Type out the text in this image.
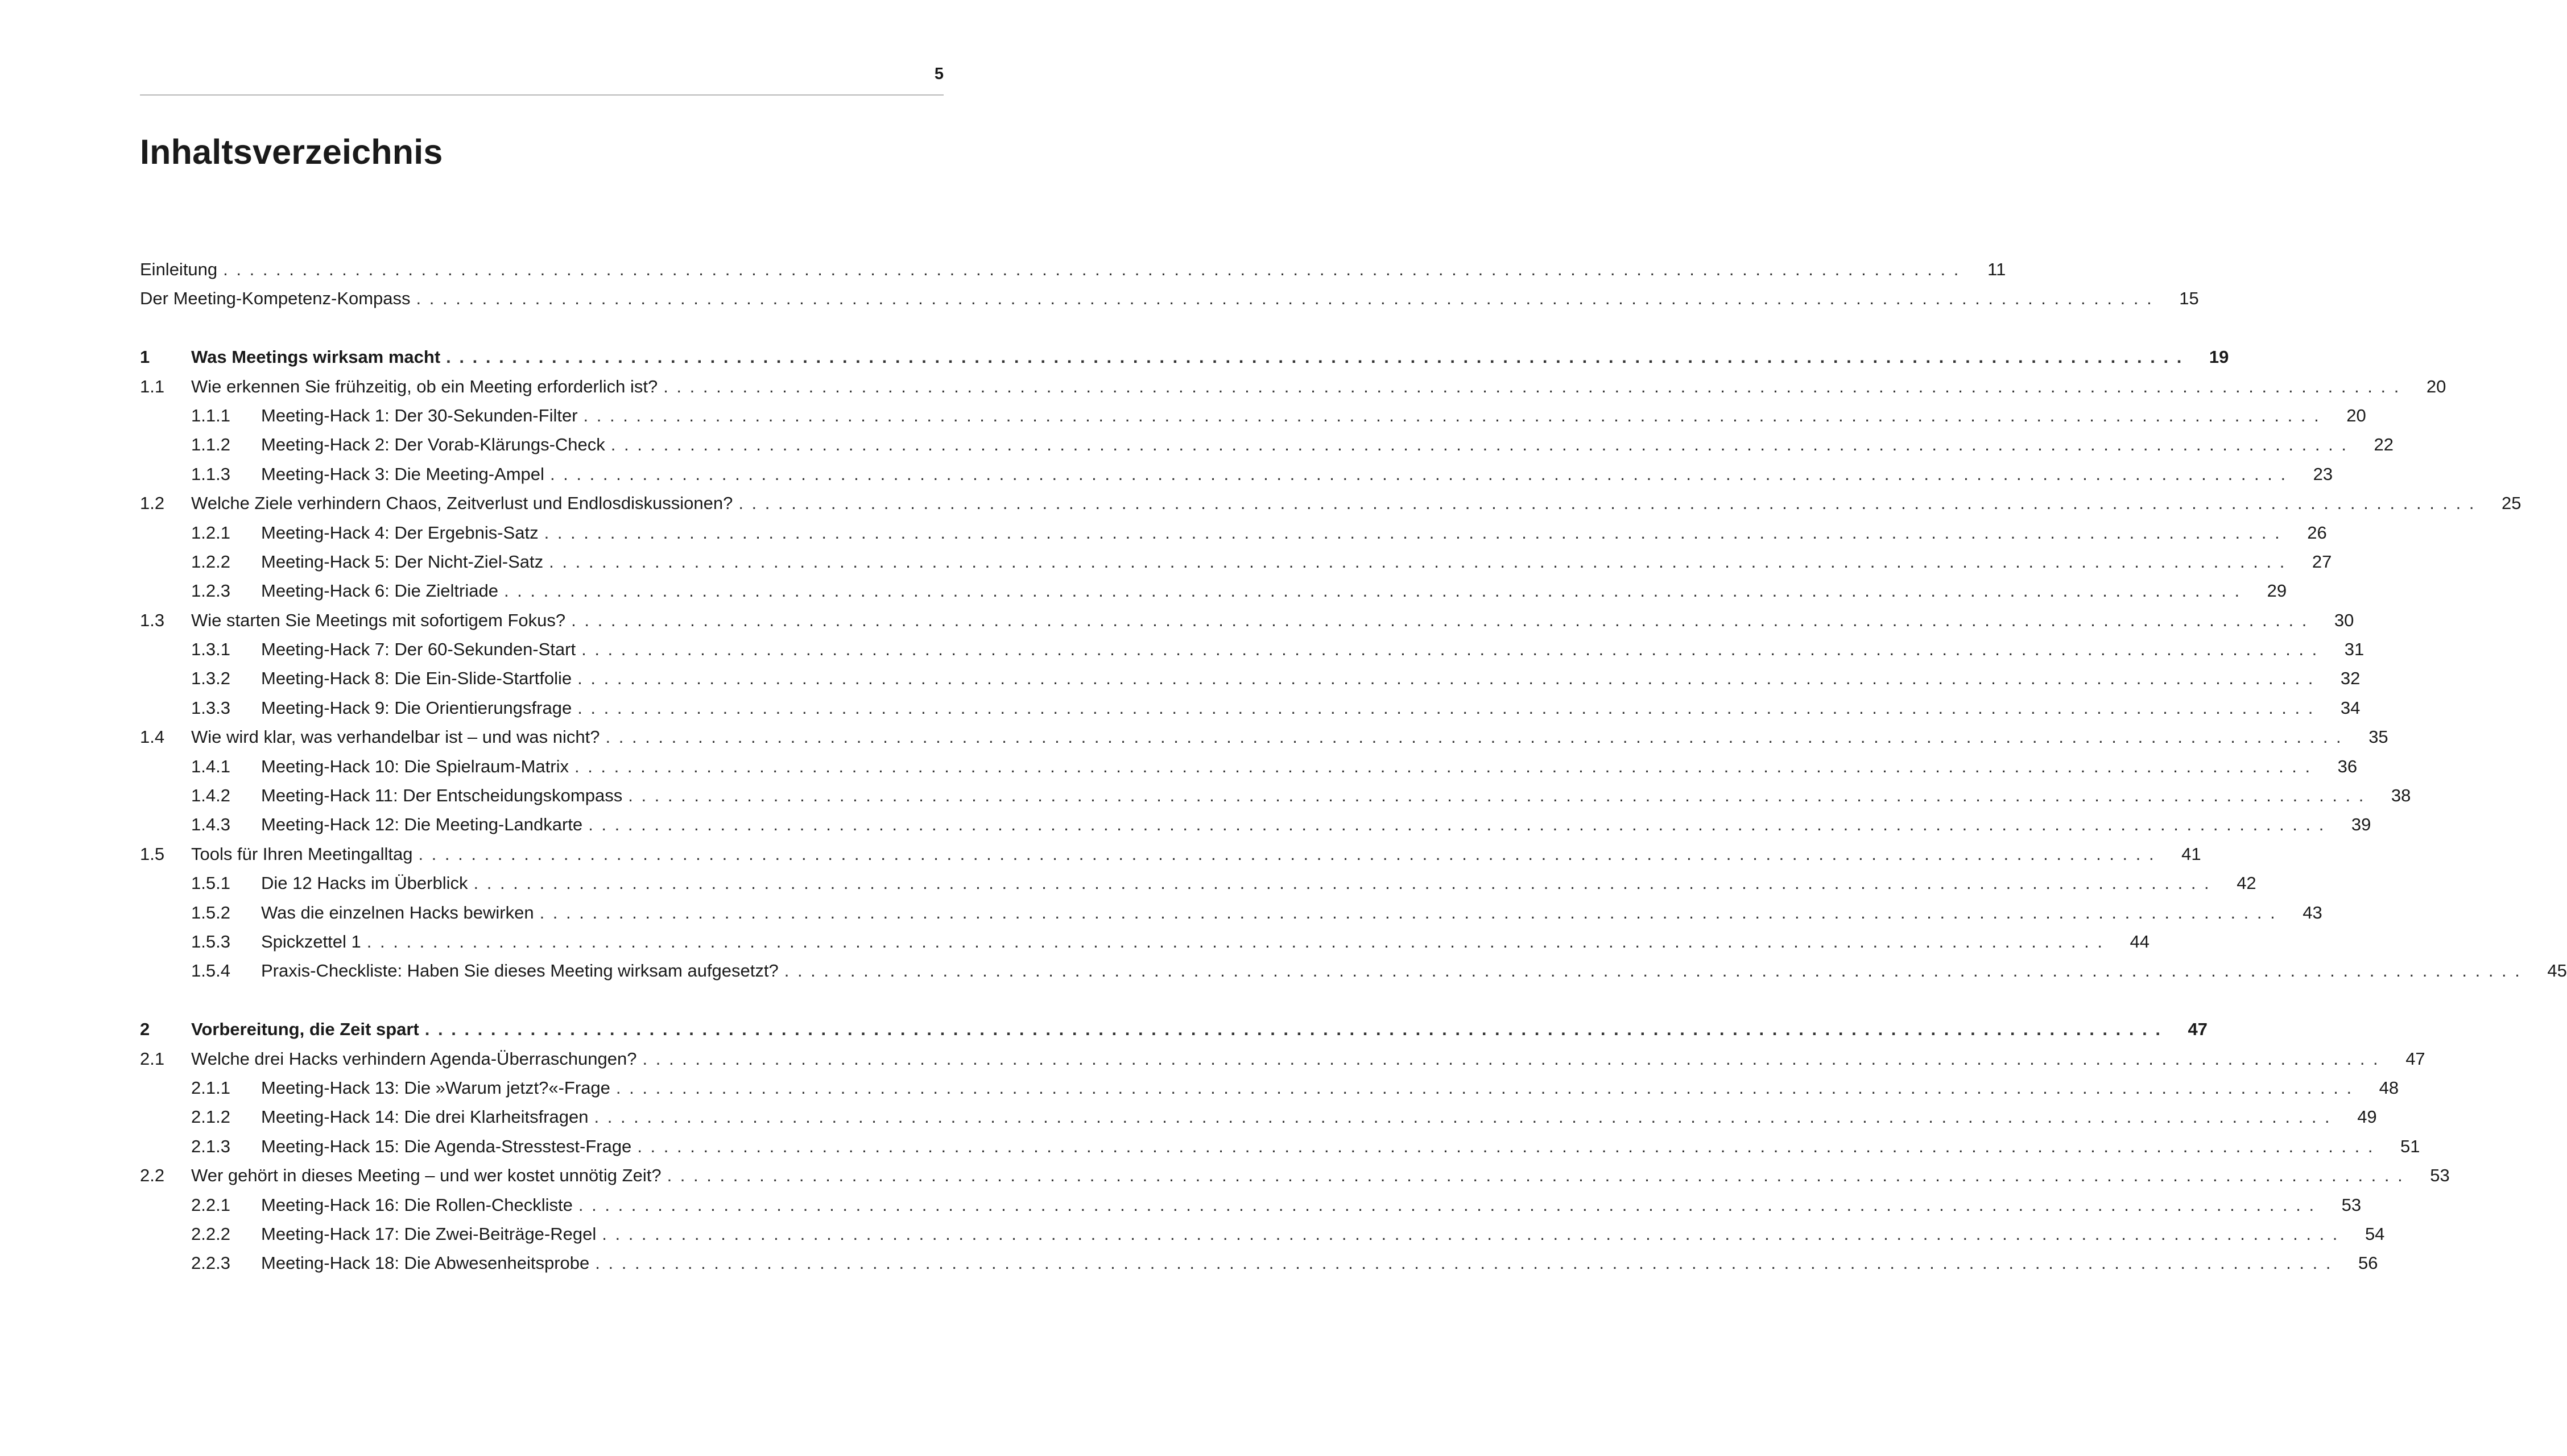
5
Inhaltsverzeichnis
Einleitung . . . . . . . . . . . . . . . . . . . . . . . . . . . . . . . . . . . . . . . . . . . . . . . . . . . . . . . . . . . . . . . . . . . . . . . . . . . . . . . . . . . . . . . . . . . . . . . . . . . . . . . . . . . . . . . . . . . . . . . . . . . . . . . . . . . .	11
Der Meeting-Kompetenz-Kompass . . . . . . . . . . . . . . . . . . . . . . . . . . . . . . . . . . . . . . . . . . . . . . . . . . . . . . . . . . . . . . . . . . . . . . . . . . . . . . . . . . . . . . . . . . . . . . . . . . . . . . . . . . . . . . . . . . . . . . . . . . . . . . . . . . . .	15
1	Was Meetings wirksam macht . . . . . . . . . . . . . . . . . . . . . . . . . . . . . . . . . . . . . . . . . . . . . . . . . . . . . . . . . . . . . . . . . . . . . . . . . . . . . . . . . . . . . . . . . . . . . . . . . . . . . . . . . . . . . . . . . . . . . . . . . . . . . . . . . . . .	19
1.1	Wie erkennen Sie frühzeitig, ob ein Meeting erforderlich ist? . . . . . . . . . . . . . . . . . . . . . . . . . . . . . . . . . . . . . . . . . . . . . . . . . . . . . . . . . . . . . . . . . . . . . . . . . . . . . . . . . . . . . . . . . . . . . . . . . . . . . . . . . . . . . . . . . . . . . . . . . . . . . . . . . . . .	20
1.1.1	Meeting-Hack 1: Der 30-Sekunden-Filter . . . . . . . . . . . . . . . . . . . . . . . . . . . . . . . . . . . . . . . . . . . . . . . . . . . . . . . . . . . . . . . . . . . . . . . . . . . . . . . . . . . . . . . . . . . . . . . . . . . . . . . . . . . . . . . . . . . . . . . . . . . . . . . . . . . .	20
1.1.2	Meeting-Hack 2: Der Vorab-Klärungs-Check . . . . . . . . . . . . . . . . . . . . . . . . . . . . . . . . . . . . . . . . . . . . . . . . . . . . . . . . . . . . . . . . . . . . . . . . . . . . . . . . . . . . . . . . . . . . . . . . . . . . . . . . . . . . . . . . . . . . . . . . . . . . . . . . . . . .	22
1.1.3	Meeting-Hack 3: Die Meeting-Ampel . . . . . . . . . . . . . . . . . . . . . . . . . . . . . . . . . . . . . . . . . . . . . . . . . . . . . . . . . . . . . . . . . . . . . . . . . . . . . . . . . . . . . . . . . . . . . . . . . . . . . . . . . . . . . . . . . . . . . . . . . . . . . . . . . . . .	23
1.2	Welche Ziele verhindern Chaos, Zeitverlust und Endlosdiskussionen? . . . . . . . . . . . . . . . . . . . . . . . . . . . . . . . . . . . . . . . . . . . . . . . . . . . . . . . . . . . . . . . . . . . . . . . . . . . . . . . . . . . . . . . . . . . . . . . . . . . . . . . . . . . . . . . . . . . . . . . . . . . . . . . . . . . .	25
1.2.1	Meeting-Hack 4: Der Ergebnis-Satz . . . . . . . . . . . . . . . . . . . . . . . . . . . . . . . . . . . . . . . . . . . . . . . . . . . . . . . . . . . . . . . . . . . . . . . . . . . . . . . . . . . . . . . . . . . . . . . . . . . . . . . . . . . . . . . . . . . . . . . . . . . . . . . . . . . .	26
1.2.2	Meeting-Hack 5: Der Nicht-Ziel-Satz . . . . . . . . . . . . . . . . . . . . . . . . . . . . . . . . . . . . . . . . . . . . . . . . . . . . . . . . . . . . . . . . . . . . . . . . . . . . . . . . . . . . . . . . . . . . . . . . . . . . . . . . . . . . . . . . . . . . . . . . . . . . . . . . . . . .	27
1.2.3	Meeting-Hack 6: Die Zieltriade . . . . . . . . . . . . . . . . . . . . . . . . . . . . . . . . . . . . . . . . . . . . . . . . . . . . . . . . . . . . . . . . . . . . . . . . . . . . . . . . . . . . . . . . . . . . . . . . . . . . . . . . . . . . . . . . . . . . . . . . . . . . . . . . . . . .	29
1.3	Wie starten Sie Meetings mit sofortigem Fokus? . . . . . . . . . . . . . . . . . . . . . . . . . . . . . . . . . . . . . . . . . . . . . . . . . . . . . . . . . . . . . . . . . . . . . . . . . . . . . . . . . . . . . . . . . . . . . . . . . . . . . . . . . . . . . . . . . . . . . . . . . . . . . . . . . . . .	30
1.3.1	Meeting-Hack 7: Der 60-Sekunden-Start . . . . . . . . . . . . . . . . . . . . . . . . . . . . . . . . . . . . . . . . . . . . . . . . . . . . . . . . . . . . . . . . . . . . . . . . . . . . . . . . . . . . . . . . . . . . . . . . . . . . . . . . . . . . . . . . . . . . . . . . . . . . . . . . . . . .	31
1.3.2	Meeting-Hack 8: Die Ein-Slide-Startfolie . . . . . . . . . . . . . . . . . . . . . . . . . . . . . . . . . . . . . . . . . . . . . . . . . . . . . . . . . . . . . . . . . . . . . . . . . . . . . . . . . . . . . . . . . . . . . . . . . . . . . . . . . . . . . . . . . . . . . . . . . . . . . . . . . . . .	32
1.3.3	Meeting-Hack 9: Die Orientierungsfrage . . . . . . . . . . . . . . . . . . . . . . . . . . . . . . . . . . . . . . . . . . . . . . . . . . . . . . . . . . . . . . . . . . . . . . . . . . . . . . . . . . . . . . . . . . . . . . . . . . . . . . . . . . . . . . . . . . . . . . . . . . . . . . . . . . . .	34
1.4	Wie wird klar, was verhandelbar ist – und was nicht? . . . . . . . . . . . . . . . . . . . . . . . . . . . . . . . . . . . . . . . . . . . . . . . . . . . . . . . . . . . . . . . . . . . . . . . . . . . . . . . . . . . . . . . . . . . . . . . . . . . . . . . . . . . . . . . . . . . . . . . . . . . . . . . . . . . .	35
1.4.1	Meeting-Hack 10: Die Spielraum-Matrix . . . . . . . . . . . . . . . . . . . . . . . . . . . . . . . . . . . . . . . . . . . . . . . . . . . . . . . . . . . . . . . . . . . . . . . . . . . . . . . . . . . . . . . . . . . . . . . . . . . . . . . . . . . . . . . . . . . . . . . . . . . . . . . . . . . .	36
1.4.2	Meeting-Hack 11: Der Entscheidungskompass . . . . . . . . . . . . . . . . . . . . . . . . . . . . . . . . . . . . . . . . . . . . . . . . . . . . . . . . . . . . . . . . . . . . . . . . . . . . . . . . . . . . . . . . . . . . . . . . . . . . . . . . . . . . . . . . . . . . . . . . . . . . . . . . . . . .	38
1.4.3	Meeting-Hack 12: Die Meeting-Landkarte . . . . . . . . . . . . . . . . . . . . . . . . . . . . . . . . . . . . . . . . . . . . . . . . . . . . . . . . . . . . . . . . . . . . . . . . . . . . . . . . . . . . . . . . . . . . . . . . . . . . . . . . . . . . . . . . . . . . . . . . . . . . . . . . . . . .	39
1.5	Tools für Ihren Meetingalltag . . . . . . . . . . . . . . . . . . . . . . . . . . . . . . . . . . . . . . . . . . . . . . . . . . . . . . . . . . . . . . . . . . . . . . . . . . . . . . . . . . . . . . . . . . . . . . . . . . . . . . . . . . . . . . . . . . . . . . . . . . . . . . . . . . . .	41
1.5.1	Die 12 Hacks im Überblick . . . . . . . . . . . . . . . . . . . . . . . . . . . . . . . . . . . . . . . . . . . . . . . . . . . . . . . . . . . . . . . . . . . . . . . . . . . . . . . . . . . . . . . . . . . . . . . . . . . . . . . . . . . . . . . . . . . . . . . . . . . . . . . . . . . .	42
1.5.2	Was die einzelnen Hacks bewirken . . . . . . . . . . . . . . . . . . . . . . . . . . . . . . . . . . . . . . . . . . . . . . . . . . . . . . . . . . . . . . . . . . . . . . . . . . . . . . . . . . . . . . . . . . . . . . . . . . . . . . . . . . . . . . . . . . . . . . . . . . . . . . . . . . . .	43
1.5.3	Spickzettel 1 . . . . . . . . . . . . . . . . . . . . . . . . . . . . . . . . . . . . . . . . . . . . . . . . . . . . . . . . . . . . . . . . . . . . . . . . . . . . . . . . . . . . . . . . . . . . . . . . . . . . . . . . . . . . . . . . . . . . . . . . . . . . . . . . . . . .	44
1.5.4	Praxis-Checkliste: Haben Sie dieses Meeting wirksam aufgesetzt? . . . . . . . . . . . . . . . . . . . . . . . . . . . . . . . . . . . . . . . . . . . . . . . . . . . . . . . . . . . . . . . . . . . . . . . . . . . . . . . . . . . . . . . . . . . . . . . . . . . . . . . . . . . . . . . . . . . . . . . . . . . . . . . . . . . .	45
2	Vorbereitung, die Zeit spart . . . . . . . . . . . . . . . . . . . . . . . . . . . . . . . . . . . . . . . . . . . . . . . . . . . . . . . . . . . . . . . . . . . . . . . . . . . . . . . . . . . . . . . . . . . . . . . . . . . . . . . . . . . . . . . . . . . . . . . . . . . . . . . . . . . .	47
2.1	Welche drei Hacks verhindern Agenda-Überraschungen? . . . . . . . . . . . . . . . . . . . . . . . . . . . . . . . . . . . . . . . . . . . . . . . . . . . . . . . . . . . . . . . . . . . . . . . . . . . . . . . . . . . . . . . . . . . . . . . . . . . . . . . . . . . . . . . . . . . . . . . . . . . . . . . . . . . .	47
2.1.1	Meeting-Hack 13: Die »Warum jetzt?«-Frage . . . . . . . . . . . . . . . . . . . . . . . . . . . . . . . . . . . . . . . . . . . . . . . . . . . . . . . . . . . . . . . . . . . . . . . . . . . . . . . . . . . . . . . . . . . . . . . . . . . . . . . . . . . . . . . . . . . . . . . . . . . . . . . . . . . .	48
2.1.2	Meeting-Hack 14: Die drei Klarheitsfragen . . . . . . . . . . . . . . . . . . . . . . . . . . . . . . . . . . . . . . . . . . . . . . . . . . . . . . . . . . . . . . . . . . . . . . . . . . . . . . . . . . . . . . . . . . . . . . . . . . . . . . . . . . . . . . . . . . . . . . . . . . . . . . . . . . . .	49
2.1.3	Meeting-Hack 15: Die Agenda-Stresstest-Frage . . . . . . . . . . . . . . . . . . . . . . . . . . . . . . . . . . . . . . . . . . . . . . . . . . . . . . . . . . . . . . . . . . . . . . . . . . . . . . . . . . . . . . . . . . . . . . . . . . . . . . . . . . . . . . . . . . . . . . . . . . . . . . . . . . . .	51
2.2	Wer gehört in dieses Meeting – und wer kostet unnötig Zeit? . . . . . . . . . . . . . . . . . . . . . . . . . . . . . . . . . . . . . . . . . . . . . . . . . . . . . . . . . . . . . . . . . . . . . . . . . . . . . . . . . . . . . . . . . . . . . . . . . . . . . . . . . . . . . . . . . . . . . . . . . . . . . . . . . . . .	53
2.2.1	Meeting-Hack 16: Die Rollen-Checkliste . . . . . . . . . . . . . . . . . . . . . . . . . . . . . . . . . . . . . . . . . . . . . . . . . . . . . . . . . . . . . . . . . . . . . . . . . . . . . . . . . . . . . . . . . . . . . . . . . . . . . . . . . . . . . . . . . . . . . . . . . . . . . . . . . . . .	53
2.2.2	Meeting-Hack 17: Die Zwei-Beiträge-Regel . . . . . . . . . . . . . . . . . . . . . . . . . . . . . . . . . . . . . . . . . . . . . . . . . . . . . . . . . . . . . . . . . . . . . . . . . . . . . . . . . . . . . . . . . . . . . . . . . . . . . . . . . . . . . . . . . . . . . . . . . . . . . . . . . . . .	54
2.2.3	Meeting-Hack 18: Die Abwesenheitsprobe . . . . . . . . . . . . . . . . . . . . . . . . . . . . . . . . . . . . . . . . . . . . . . . . . . . . . . . . . . . . . . . . . . . . . . . . . . . . . . . . . . . . . . . . . . . . . . . . . . . . . . . . . . . . . . . . . . . . . . . . . . . . . . . . . . . .	56
